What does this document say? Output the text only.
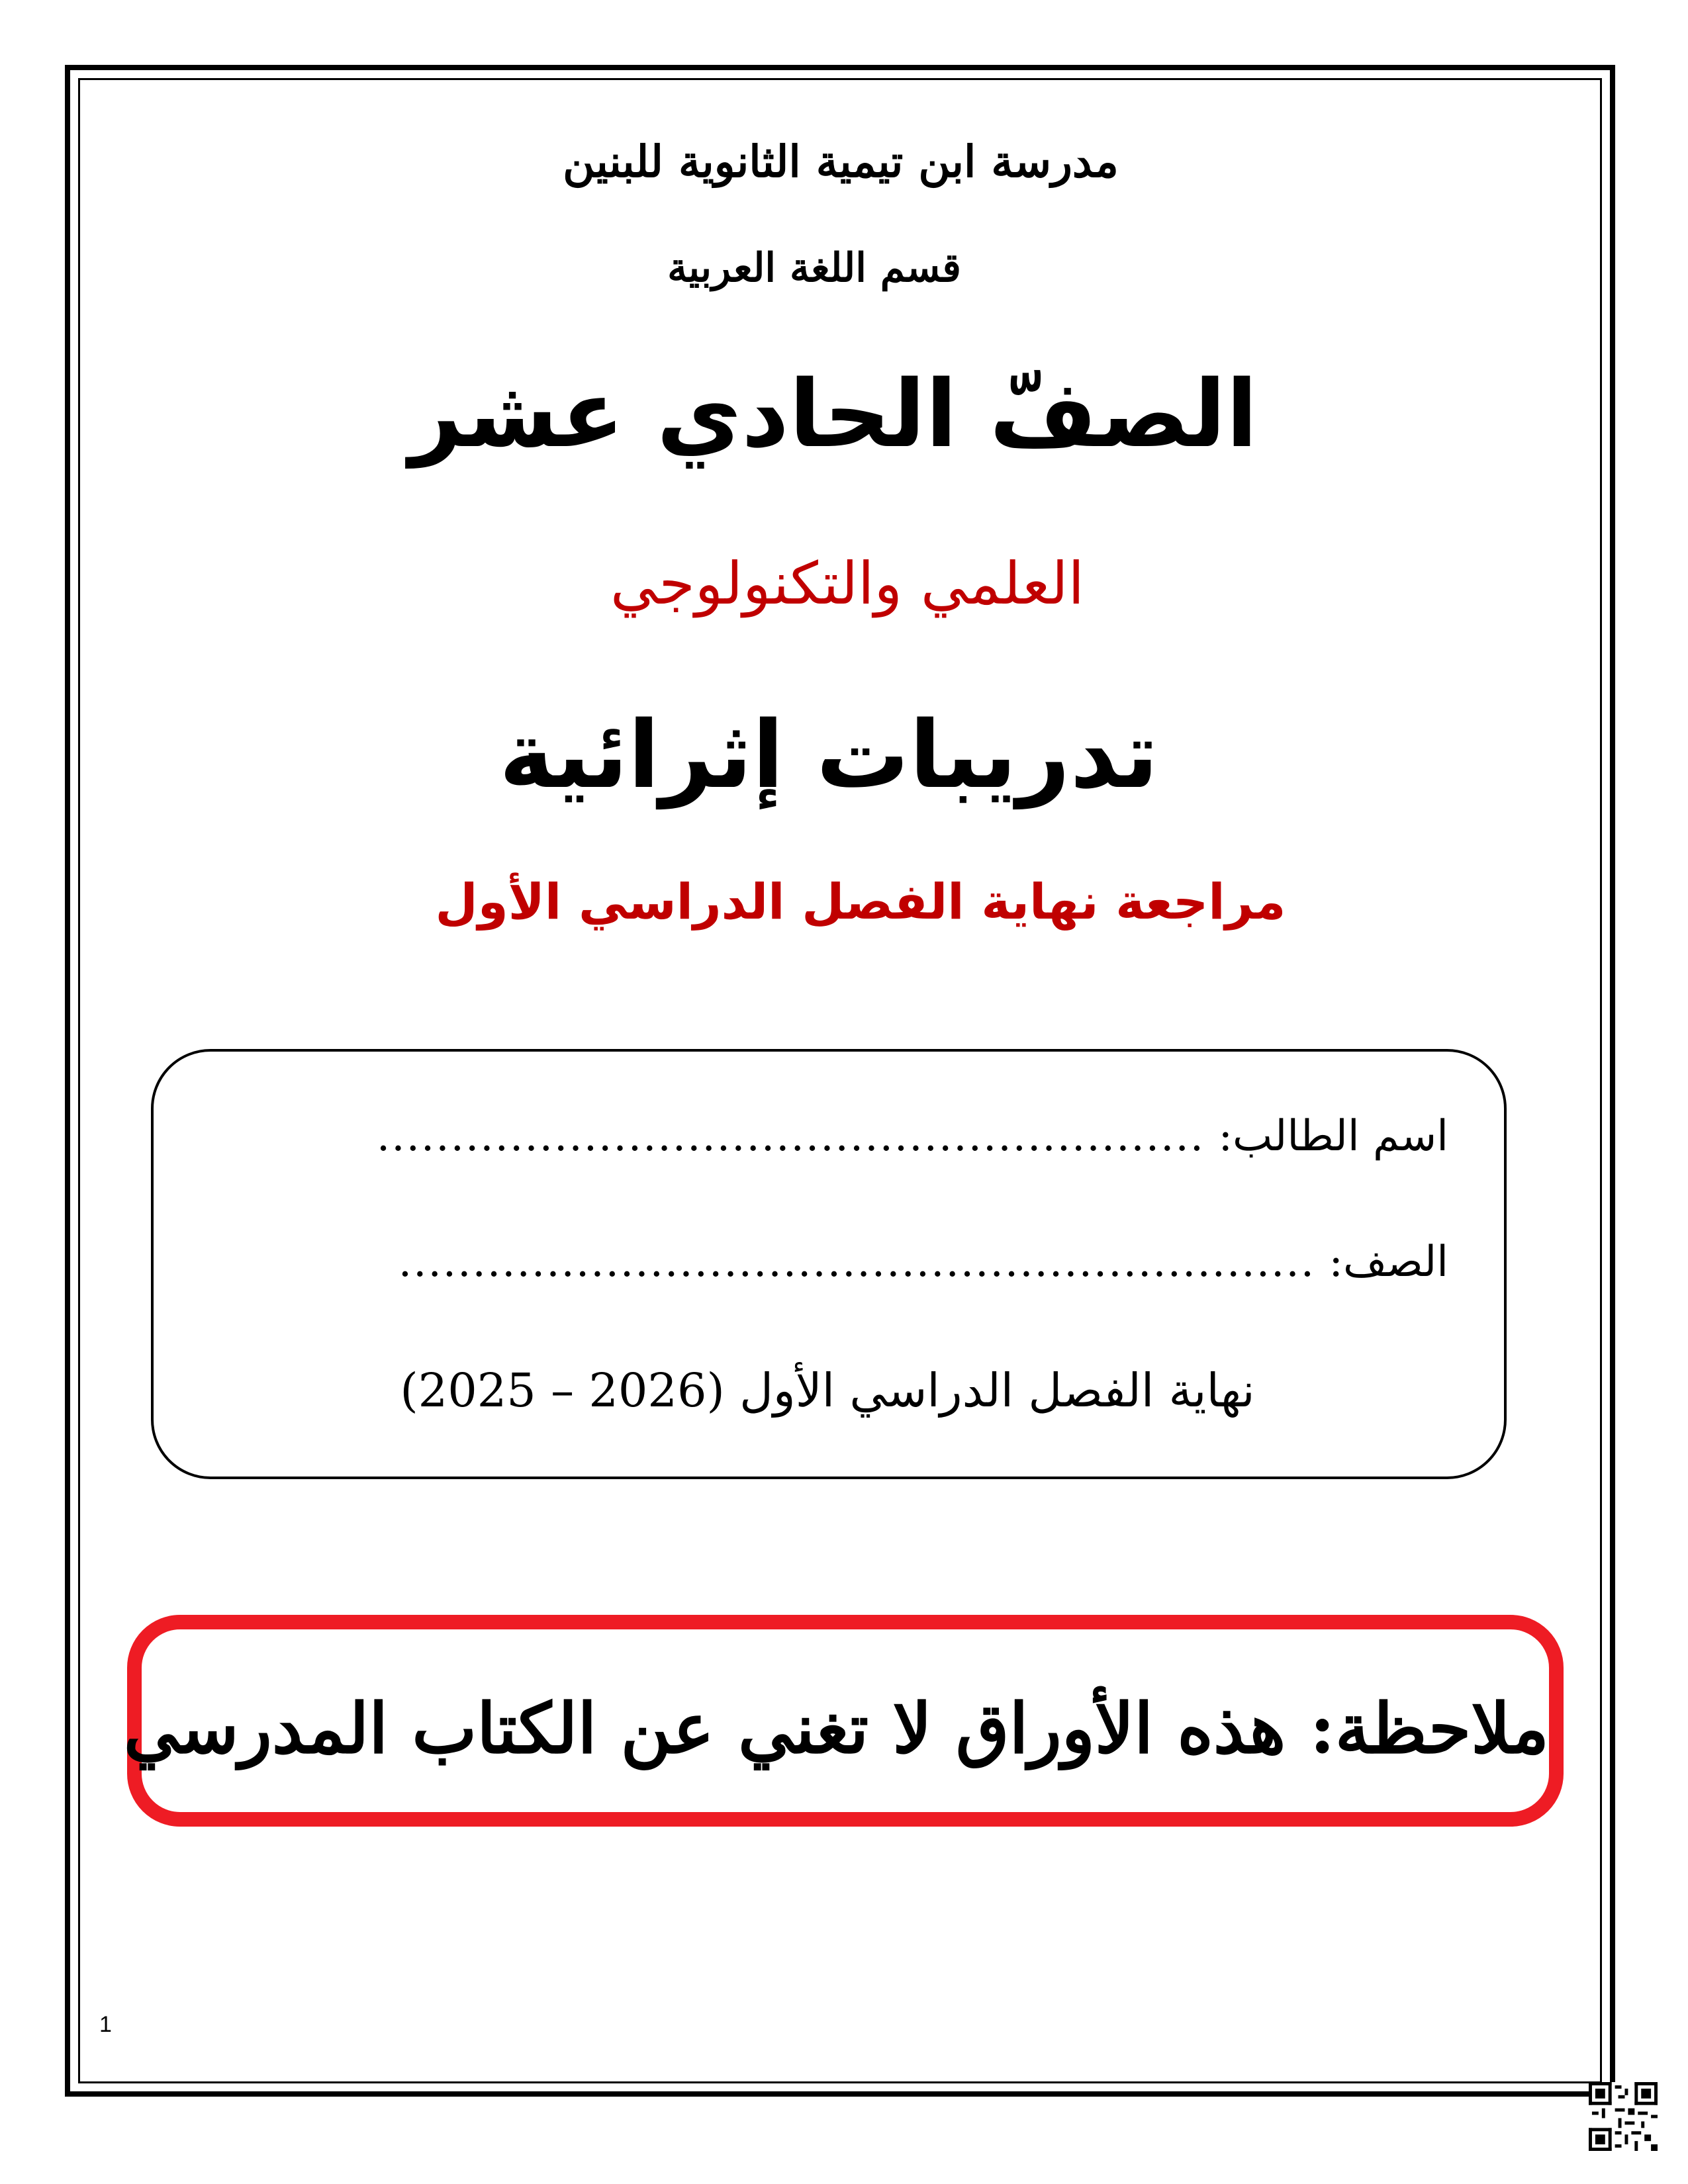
مدرسة ابن تيمية الثانوية للبنين
قسم اللغة العربية
الصفّ الحادي عشر
العلمي والتكنولوجي
تدريبات إثرائية
مراجعة نهاية الفصل الدراسي الأول
اسم الطالب: ........................................................
الصف: ..............................................................
نهاية الفصل الدراسي الأول (2025 – 2026)
ملاحظة: هذه الأوراق لا تغني عن الكتاب المدرسي
1
